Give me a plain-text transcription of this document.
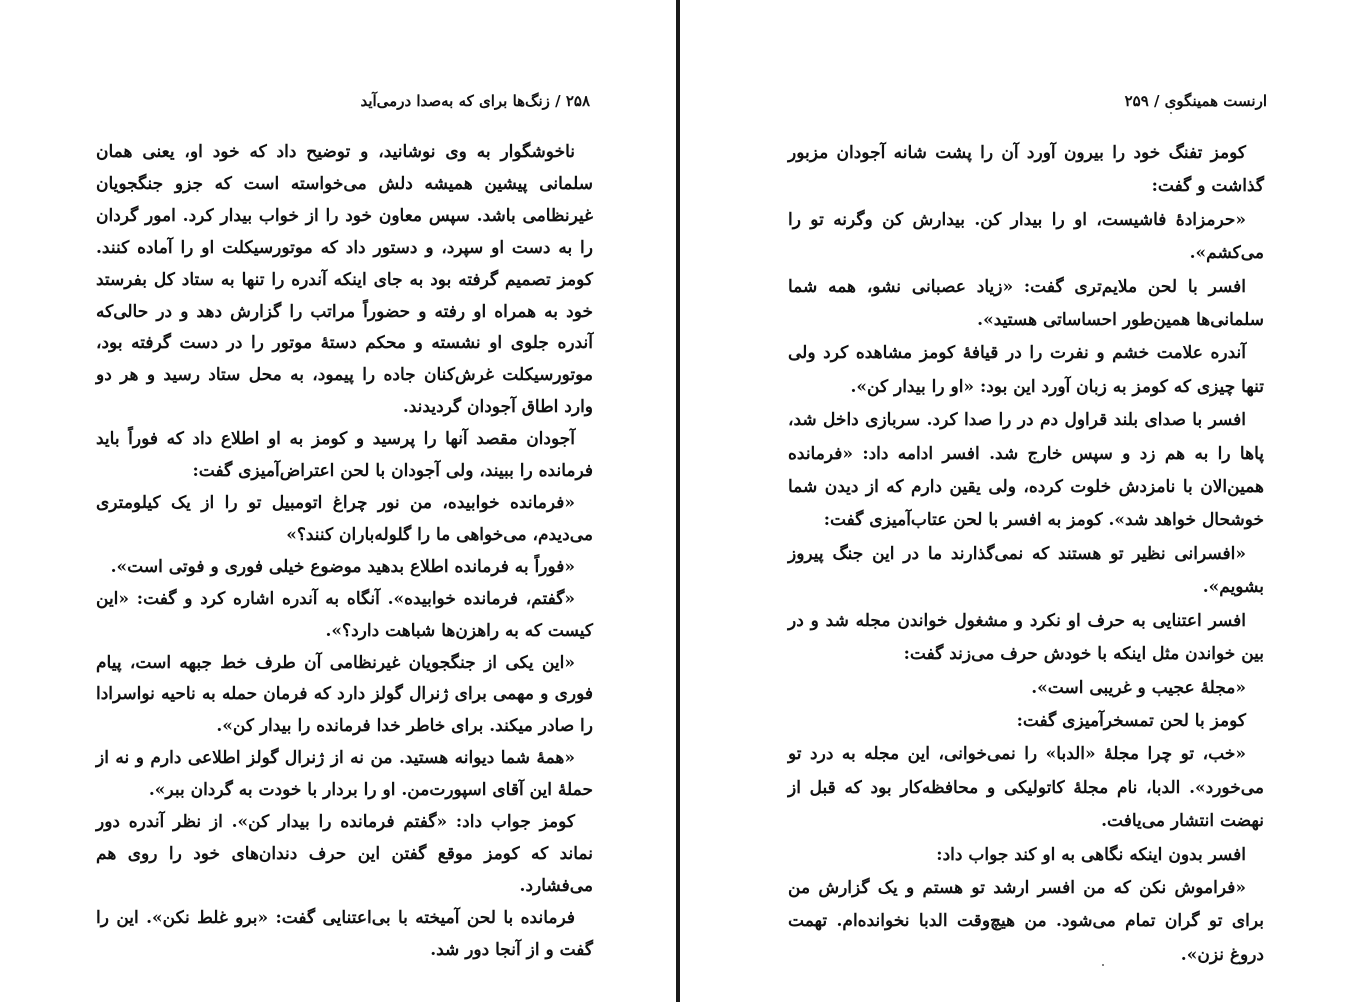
۲۵۸ / زنگ‌ها برای که به‌صدا درمی‌آید

ناخوشگوار به وی نوشانید، و توضیح داد که خود او، یعنی همان سلمانی پیشین همیشه دلش می‌خواسته است که جزو جنگجویان غیرنظامی باشد. سپس معاون خود را از خواب بیدار کرد. امور گردان را به دست او سپرد، و دستور داد که موتورسیکلت او را آماده کنند. کومز تصمیم گرفته بود به جای اینکه آندره را تنها به ستاد کل بفرستد خود به همراه او رفته و حضوراً مراتب را گزارش دهد و در حالی‌که آندره جلوی او نشسته و محکم دستهٔ موتور را در دست گرفته بود، موتورسیکلت غرش‌کنان جاده را پیمود، به محل ستاد رسید و هر دو وارد اطاق آجودان گردیدند.

آجودان مقصد آنها را پرسید و کومز به او اطلاع داد که فوراً باید فرمانده را ببیند، ولی آجودان با لحن اعتراض‌آمیزی گفت:

«فرمانده خوابیده، من نور چراغ اتومبیل تو را از یک کیلومتری می‌دیدم، می‌خواهی ما را گلوله‌باران کنند؟»

«فوراً به فرمانده اطلاع بدهید موضوع خیلی فوری و فوتی است».

«گفتم، فرمانده خوابیده». آنگاه به آندره اشاره کرد و گفت: «این کیست که به راهزن‌ها شباهت دارد؟».

«این یکی از جنگجویان غیرنظامی آن طرف خط جبهه است، پیام فوری و مهمی برای ژنرال گولز دارد که فرمان حمله به ناحیه نواسرادا را صادر میکند. برای خاطر خدا فرمانده را بیدار کن».

«همهٔ شما دیوانه هستید. من نه از ژنرال گولز اطلاعی دارم و نه از حملهٔ این آقای اسپورت‌من. او را بردار با خودت به گردان ببر».

کومز جواب داد: «گفتم فرمانده را بیدار کن». از نظر آندره دور نماند که کومز موقع گفتن این حرف دندان‌های خود را روی هم می‌فشارد.

فرمانده با لحن آمیخته با بی‌اعتنایی گفت: «برو غلط نکن». این را گفت و از آنجا دور شد.

ارنست همینگوی / ۲۵۹

کومز تفنگ خود را بیرون آورد آن را پشت شانه آجودان مزبور گذاشت و گفت:

«حرمزادهٔ فاشیست، او را بیدار کن. بیدارش کن وگرنه تو را می‌کشم».

افسر با لحن ملایم‌تری گفت: «زیاد عصبانی نشو، همه شما سلمانی‌ها همین‌طور احساساتی هستید».

آندره علامت خشم و نفرت را در قیافهٔ کومز مشاهده کرد ولی تنها چیزی که کومز به زبان آورد این بود: «او را بیدار کن».

افسر با صدای بلند قراول دم در را صدا کرد. سربازی داخل شد، پاها را به هم زد و سپس خارج شد. افسر ادامه داد: «فرمانده همین‌الان با نامزدش خلوت کرده، ولی یقین دارم که از دیدن شما خوشحال خواهد شد». کومز به افسر با لحن عتاب‌آمیزی گفت:

«افسرانی نظیر تو هستند که نمی‌گذارند ما در این جنگ پیروز بشویم».

افسر اعتنایی به حرف او نکرد و مشغول خواندن مجله شد و در بین خواندن مثل اینکه با خودش حرف می‌زند گفت:

«مجلهٔ عجیب و غریبی است».

کومز با لحن تمسخرآمیزی گفت:

«خب، تو چرا مجلهٔ «الدبا» را نمی‌خوانی، این مجله به درد تو می‌خورد». الدبا، نام مجلهٔ کاتولیکی و محافظه‌کار بود که قبل از نهضت انتشار می‌یافت.

افسر بدون اینکه نگاهی به او کند جواب داد:

«فراموش نکن که من افسر ارشد تو هستم و یک گزارش من برای تو گران تمام می‌شود. من هیچ‌وقت الدبا نخوانده‌ام. تهمت دروغ نزن».
